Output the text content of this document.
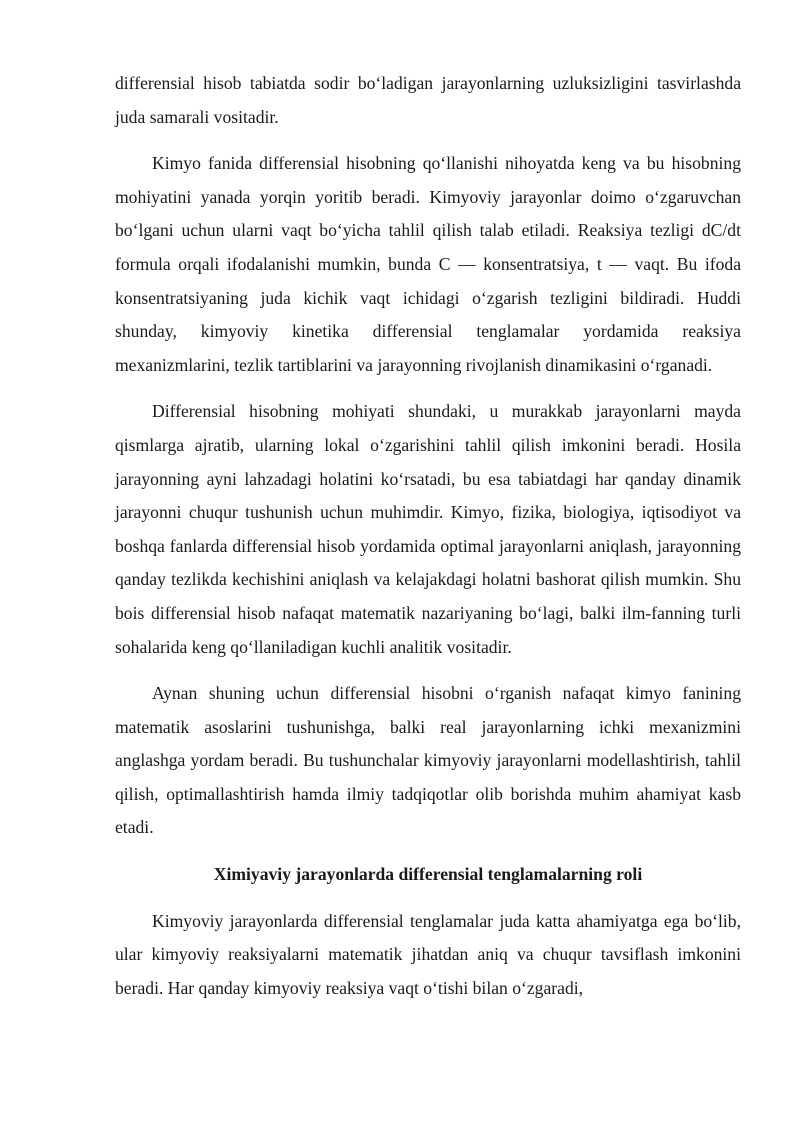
differensial hisob tabiatda sodir bo‘ladigan jarayonlarning uzluksizligini tasvirlashda juda samarali vositadir.

Kimyo fanida differensial hisobning qo‘llanishi nihoyatda keng va bu hisobning mohiyatini yanada yorqin yoritib beradi. Kimyoviy jarayonlar doimo o‘zgaruvchan bo‘lgani uchun ularni vaqt bo‘yicha tahlil qilish talab etiladi. Reaksiya tezligi dC/dt formula orqali ifodalanishi mumkin, bunda C — konsentratsiya, t — vaqt. Bu ifoda konsentratsiyaning juda kichik vaqt ichidagi o‘zgarish tezligini bildiradi. Huddi shunday, kimyoviy kinetika differensial tenglamalar yordamida reaksiya mexanizmlarini, tezlik tartiblarini va jarayonning rivojlanish dinamikasini o‘rganadi.

Differensial hisobning mohiyati shundaki, u murakkab jarayonlarni mayda qismlarga ajratib, ularning lokal o‘zgarishini tahlil qilish imkonini beradi. Hosila jarayonning ayni lahzadagi holatini ko‘rsatadi, bu esa tabiatdagi har qanday dinamik jarayonni chuqur tushunish uchun muhimdir. Kimyo, fizika, biologiya, iqtisodiyot va boshqa fanlarda differensial hisob yordamida optimal jarayonlarni aniqlash, jarayonning qanday tezlikda kechishini aniqlash va kelajakdagi holatni bashorat qilish mumkin. Shu bois differensial hisob nafaqat matematik nazariyaning bo‘lagi, balki ilm-fanning turli sohalarida keng qo‘llaniladigan kuchli analitik vositadir.

Aynan shuning uchun differensial hisobni o‘rganish nafaqat kimyo fanining matematik asoslarini tushunishga, balki real jarayonlarning ichki mexanizmini anglashga yordam beradi. Bu tushunchalar kimyoviy jarayonlarni modellashtirish, tahlil qilish, optimallashtirish hamda ilmiy tadqiqotlar olib borishda muhim ahamiyat kasb etadi.

Ximiyaviy jarayonlarda differensial tenglamalarning roli

Kimyoviy jarayonlarda differensial tenglamalar juda katta ahamiyatga ega bo‘lib, ular kimyoviy reaksiyalarni matematik jihatdan aniq va chuqur tavsiflash imkonini beradi. Har qanday kimyoviy reaksiya vaqt o‘tishi bilan o‘zgaradi,
